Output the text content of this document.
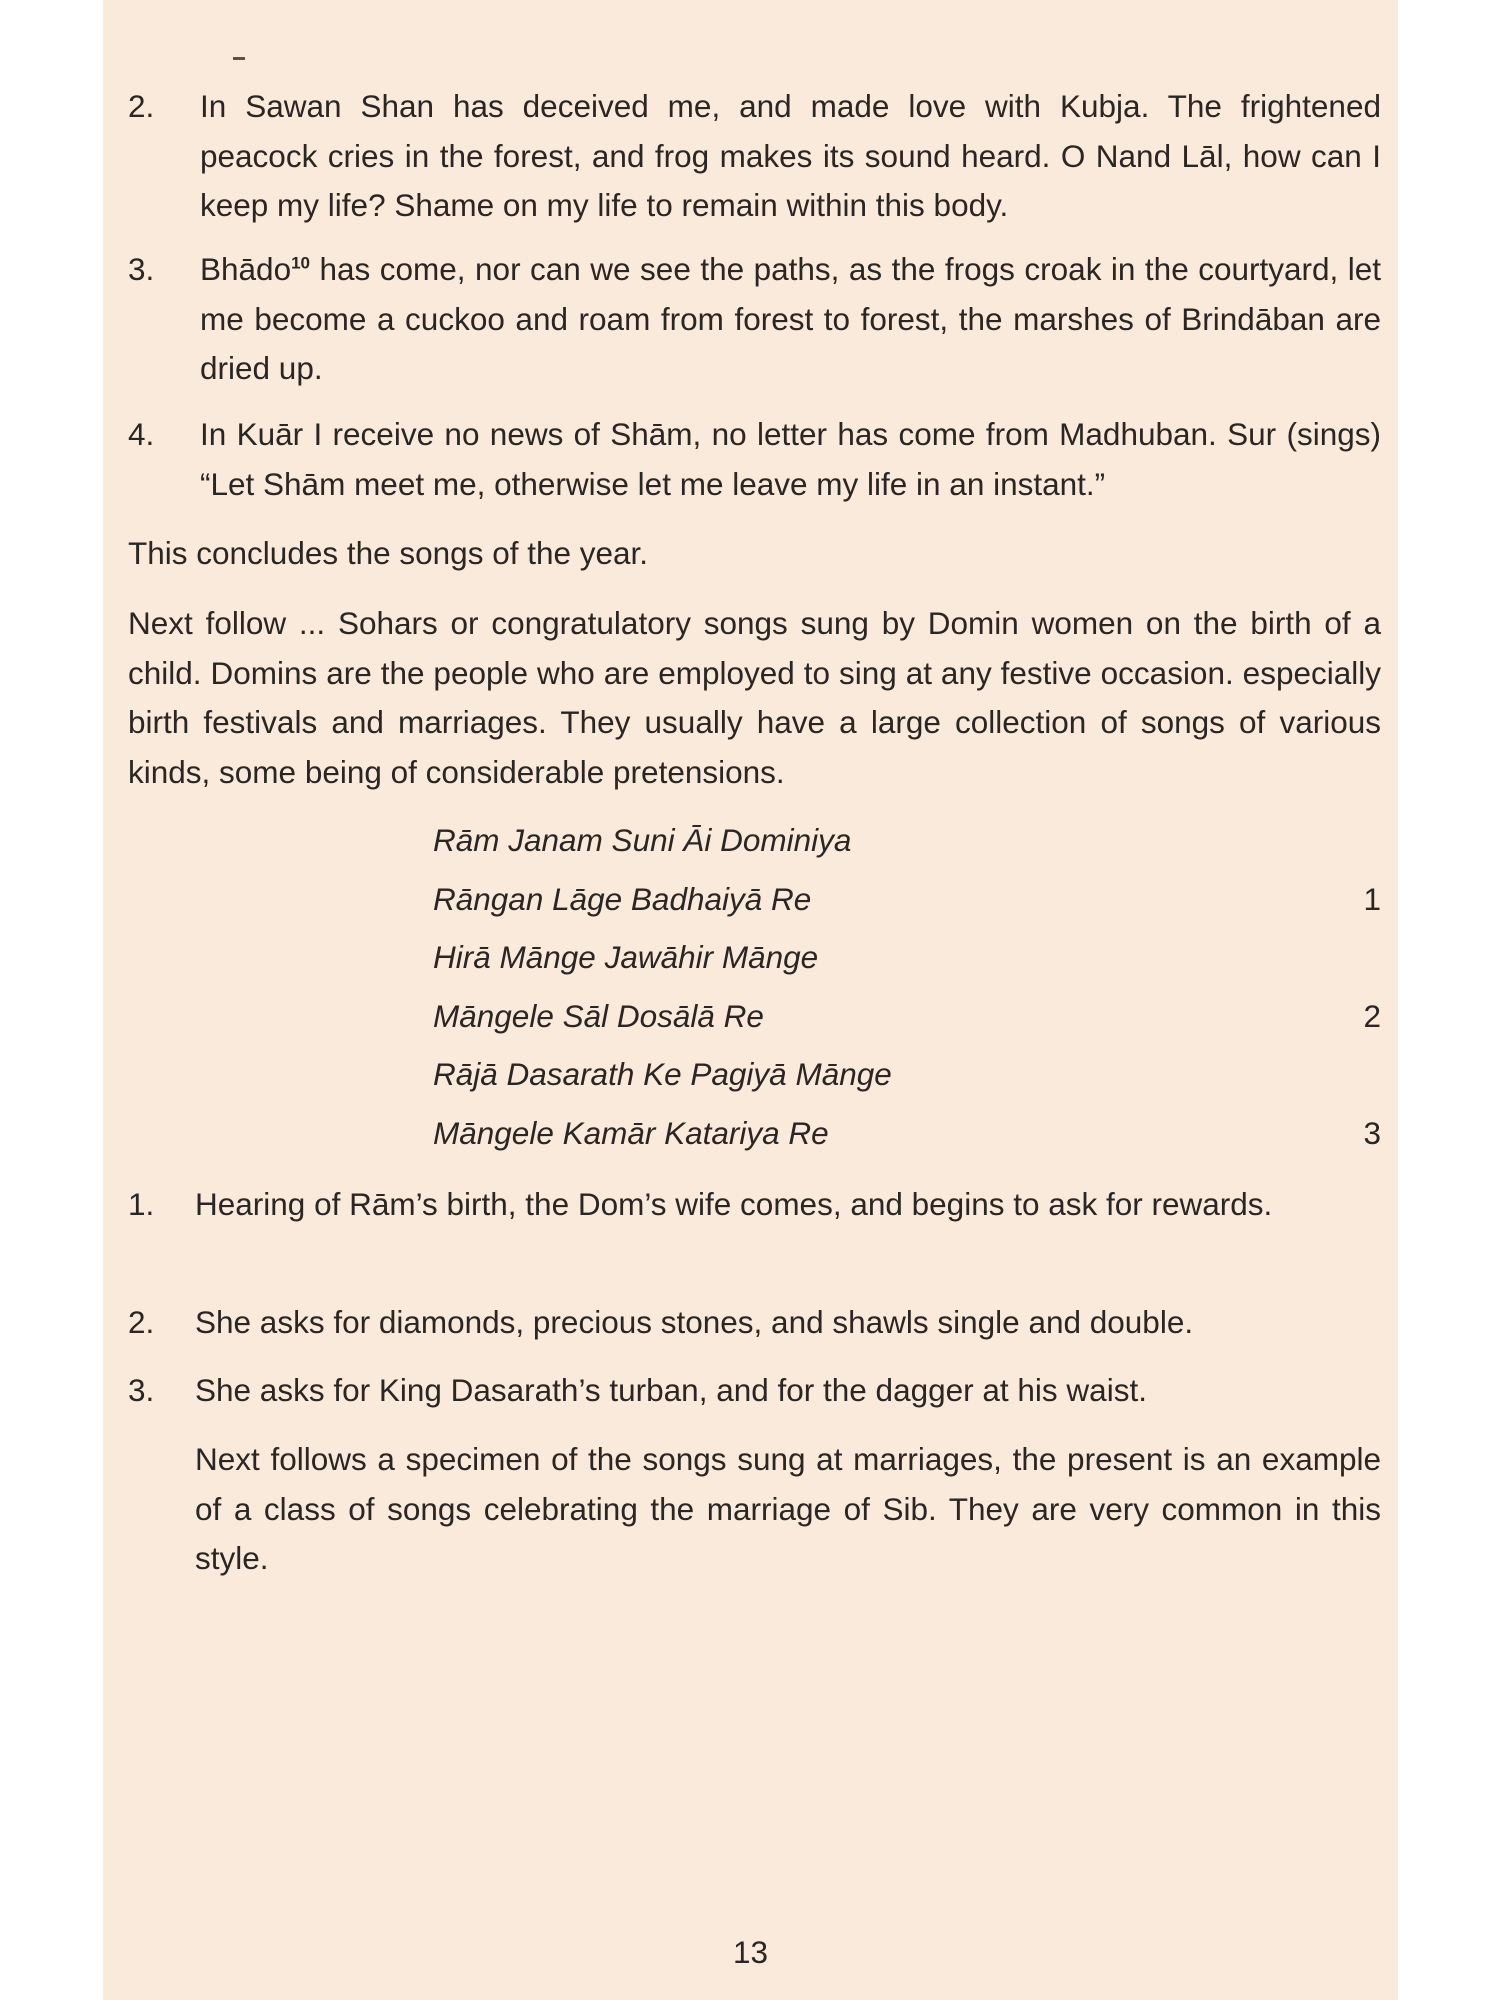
2. In Sawan Shan has deceived me, and made love with Kubja. The frightened peacock cries in the forest, and frog makes its sound heard. O Nand Lāl, how can I keep my life? Shame on my life to remain within this body.
3. Bhādo$^{10}$ has come, nor can we see the paths, as the frogs croak in the courtyard, let me become a cuckoo and roam from forest to forest, the marshes of Brindāban are dried up.
4. In Kuār I receive no news of Shām, no letter has come from Madhuban. Sur (sings) “Let Shām meet me, otherwise let me leave my life in an instant.”
This concludes the songs of the year.
Next follow ... Sohars or congratulatory songs sung by Domin women on the birth of a child. Domins are the people who are employed to sing at any festive occasion. especially birth festivals and marriages. They usually have a large collection of songs of various kinds, some being of considerable pretensions.
Rām Janam Suni Āi Dominiya
Rāngan Lāge Badhaiyā Re	1
Hirā Mānge Jawāhir Mānge
Māngele Sāl Dosālā Re	2
Rājā Dasarath Ke Pagiyā Mānge
Māngele Kamār Katariya Re	3
1. Hearing of Rām’s birth, the Dom’s wife comes, and begins to ask for rewards.
2. She asks for diamonds, precious stones, and shawls single and double.
3. She asks for King Dasarath’s turban, and for the dagger at his waist.
Next follows a specimen of the songs sung at marriages, the present is an example of a class of songs celebrating the marriage of Sib. They are very common in this style.
13
